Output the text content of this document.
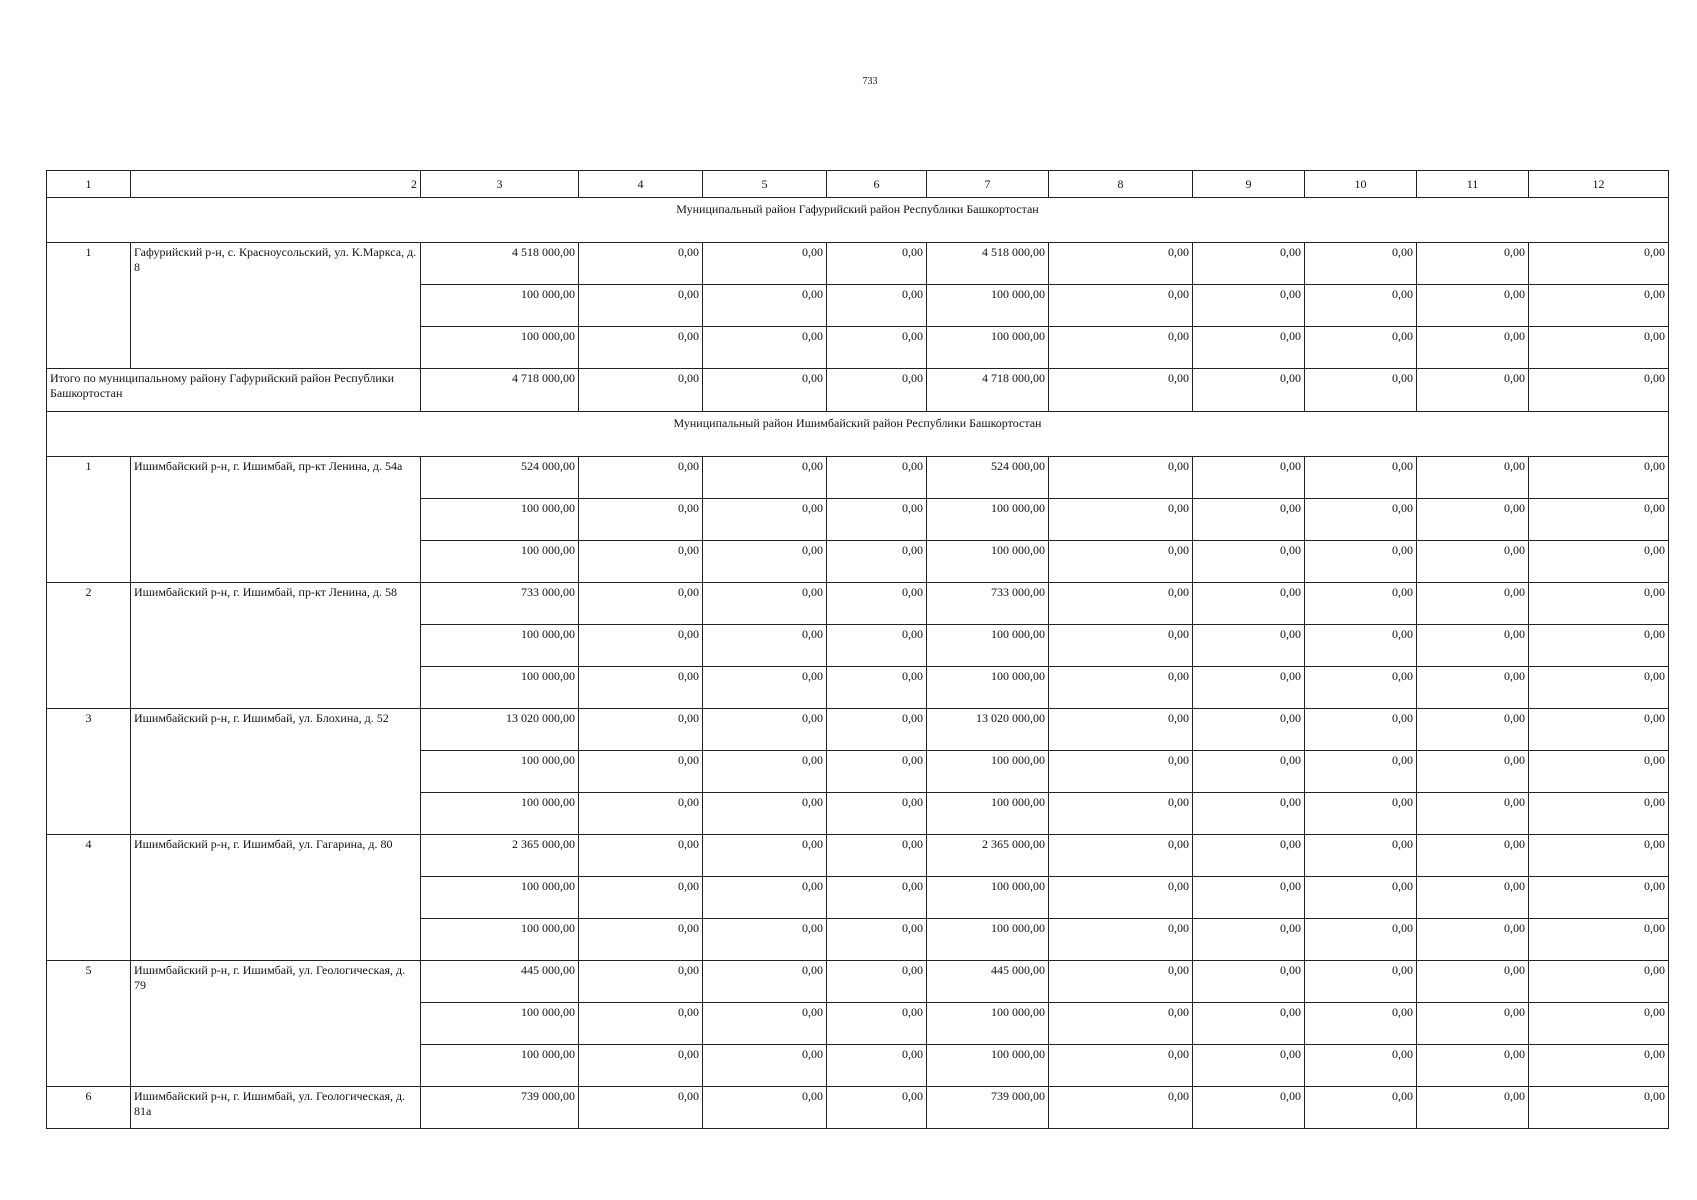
733
1	2	3	4	5	6	7	8	9	10	11	12
Муниципальный район Гафурийский район Республики Башкортостан											
1	Гафурийский р-н, с. Красноусольский, ул. К.Маркса, д. 8	4 518 000,00	0,00	0,00	0,00	4 518 000,00	0,00	0,00	0,00	0,00	0,00
		100 000,00	0,00	0,00	0,00	100 000,00	0,00	0,00	0,00	0,00	0,00
		100 000,00	0,00	0,00	0,00	100 000,00	0,00	0,00	0,00	0,00	0,00
Итого по муниципальному району Гафурийский район Республики Башкортостан		4 718 000,00	0,00	0,00	0,00	4 718 000,00	0,00	0,00	0,00	0,00	0,00
Муниципальный район Ишимбайский район Республики Башкортостан											
1	Ишимбайский р-н, г. Ишимбай, пр-кт Ленина, д. 54а	524 000,00	0,00	0,00	0,00	524 000,00	0,00	0,00	0,00	0,00	0,00
		100 000,00	0,00	0,00	0,00	100 000,00	0,00	0,00	0,00	0,00	0,00
		100 000,00	0,00	0,00	0,00	100 000,00	0,00	0,00	0,00	0,00	0,00
2	Ишимбайский р-н, г. Ишимбай, пр-кт Ленина, д. 58	733 000,00	0,00	0,00	0,00	733 000,00	0,00	0,00	0,00	0,00	0,00
		100 000,00	0,00	0,00	0,00	100 000,00	0,00	0,00	0,00	0,00	0,00
		100 000,00	0,00	0,00	0,00	100 000,00	0,00	0,00	0,00	0,00	0,00
3	Ишимбайский р-н, г. Ишимбай, ул. Блохина, д. 52	13 020 000,00	0,00	0,00	0,00	13 020 000,00	0,00	0,00	0,00	0,00	0,00
		100 000,00	0,00	0,00	0,00	100 000,00	0,00	0,00	0,00	0,00	0,00
		100 000,00	0,00	0,00	0,00	100 000,00	0,00	0,00	0,00	0,00	0,00
4	Ишимбайский р-н, г. Ишимбай, ул. Гагарина, д. 80	2 365 000,00	0,00	0,00	0,00	2 365 000,00	0,00	0,00	0,00	0,00	0,00
		100 000,00	0,00	0,00	0,00	100 000,00	0,00	0,00	0,00	0,00	0,00
		100 000,00	0,00	0,00	0,00	100 000,00	0,00	0,00	0,00	0,00	0,00
5	Ишимбайский р-н, г. Ишимбай, ул. Геологическая, д. 79	445 000,00	0,00	0,00	0,00	445 000,00	0,00	0,00	0,00	0,00	0,00
		100 000,00	0,00	0,00	0,00	100 000,00	0,00	0,00	0,00	0,00	0,00
		100 000,00	0,00	0,00	0,00	100 000,00	0,00	0,00	0,00	0,00	0,00
6	Ишимбайский р-н, г. Ишимбай, ул. Геологическая, д. 81а	739 000,00	0,00	0,00	0,00	739 000,00	0,00	0,00	0,00	0,00	0,00
